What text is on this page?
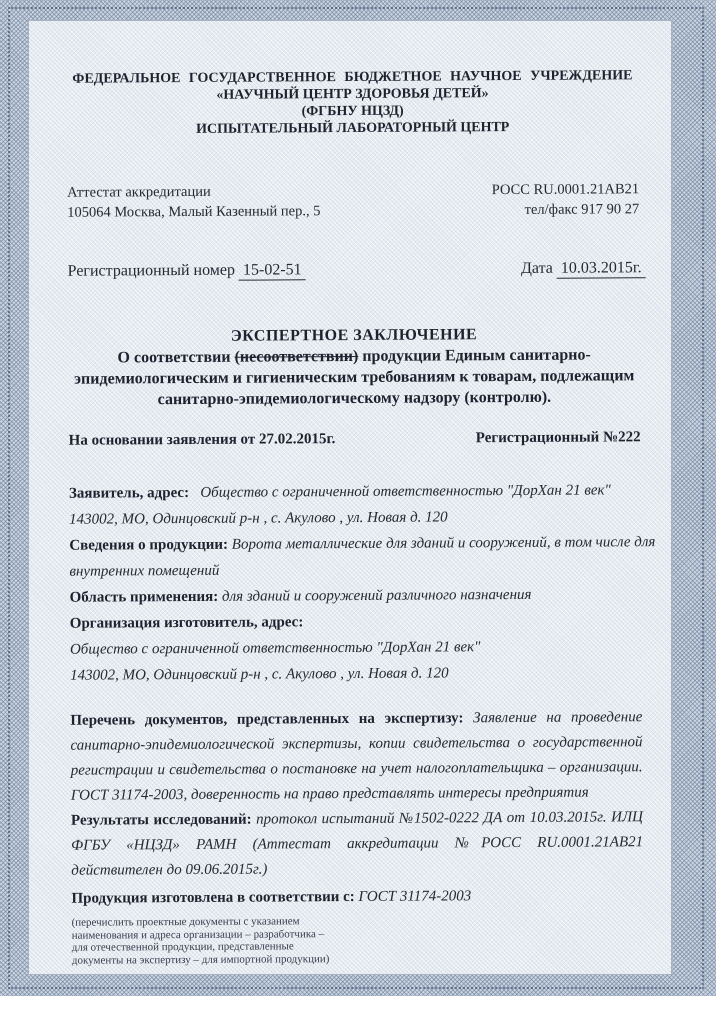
ФЕДЕРАЛЬНОЕ ГОСУДАРСТВЕННОЕ БЮДЖЕТНОЕ НАУЧНОЕ УЧРЕЖДЕНИЕ
«НАУЧНЫЙ ЦЕНТР ЗДОРОВЬЯ ДЕТЕЙ»
(ФГБНУ НЦЗД)
ИСПЫТАТЕЛЬНЫЙ ЛАБОРАТОРНЫЙ ЦЕНТР
Аттестат аккредитации
105064 Москва, Малый Казенный пер., 5
РОСС RU.0001.21АВ21
тел/факс 917 90 27
Регистрационный номер 15-02-51	Дата 10.03.2015г.
ЭКСПЕРТНОЕ ЗАКЛЮЧЕНИЕ
О соответствии (несоответствии) продукции Единым санитарно-
эпидемиологическим и гигиеническим требованиям к товарам, подлежащим
санитарно-эпидемиологическому надзору (контролю).
На основании заявления от 27.02.2015г.	Регистрационный №222

Заявитель, адрес: Общество с ограниченной ответственностью "ДорХан 21 век"

143002, МО, Одинцовский р-н , с. Акулово , ул. Новая д. 120

Сведения о продукции: Ворота металлические для зданий и сооружений, в том числе для

внутренних помещений

Область применения: для зданий и сооружений различного назначения

Организация изготовитель, адрес:

Общество с ограниченной ответственностью "ДорХан 21 век"

143002, МО, Одинцовский р-н , с. Акулово , ул. Новая д. 120

Перечень документов, представленных на экспертизу: Заявление на проведение санитарно-эпидемиологической экспертизы, копии свидетельства о государственной регистрации и свидетельства о постановке на учет налогоплательщика – организации. ГОСТ 31174-2003, доверенность на право представлять интересы предприятия

Результаты исследований: протокол испытаний №1502-0222 ДА от 10.03.2015г. ИЛЦ ФГБУ «НЦЗД» РАМН (Аттестат аккредитации №РОСС RU.0001.21АВ21 действителен до 09.06.2015г.)

Продукция изготовлена в соответствии с: ГОСТ 31174-2003

(перечислить проектные документы с указанием
наименования и адреса организации – разработчика –
для отечественной продукции, представленные
документы на экспертизу – для импортной продукции)
